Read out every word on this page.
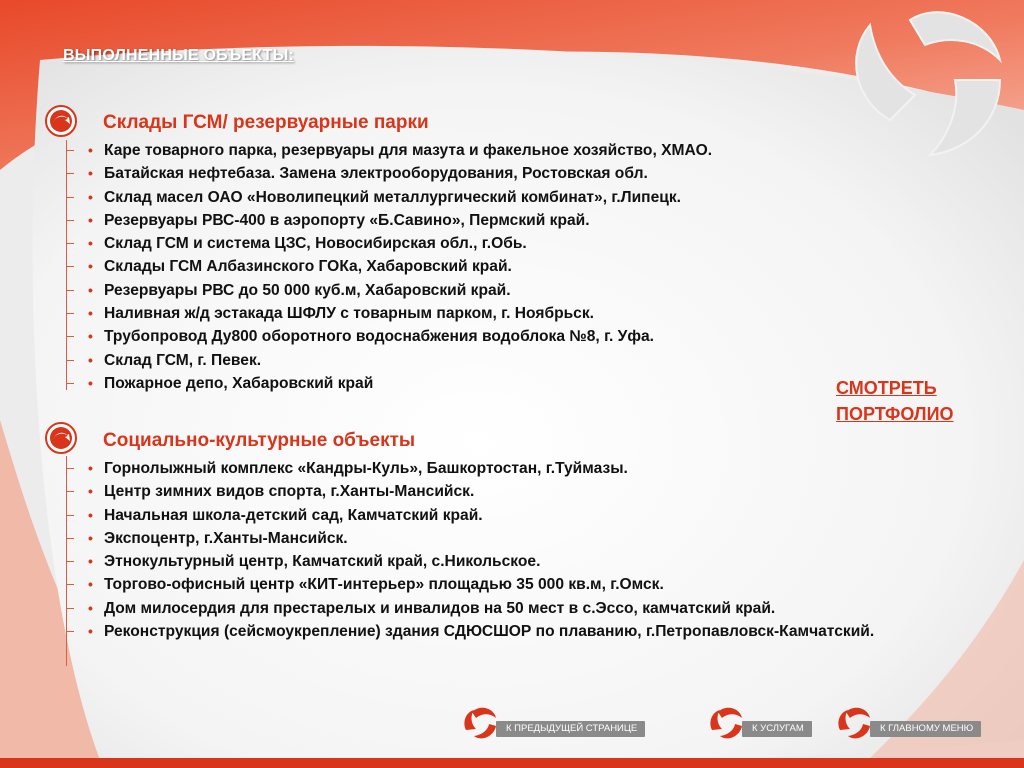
ВЫПОЛНЕННЫЕ ОБЪЕКТЫ:
Склады ГСМ/ резервуарные парки
• Каре товарного парка, резервуары для мазута и факельное хозяйство, ХМАО.
• Батайская нефтебаза. Замена электрооборудования, Ростовская обл.
• Склад масел ОАО «Новолипецкий металлургический комбинат», г.Липецк.
• Резервуары РВС-400 в аэропорту «Б.Савино», Пермский край.
• Склад ГСМ и система ЦЗС, Новосибирская обл., г.Обь.
• Склады ГСМ Албазинского ГОКа, Хабаровский край.
• Резервуары РВС до 50 000 куб.м, Хабаровский край.
• Наливная ж/д эстакада ШФЛУ с товарным парком, г. Ноябрьск.
• Трубопровод Ду800 оборотного водоснабжения водоблока №8, г. Уфа.
• Склад ГСМ, г. Певек.
• Пожарное депо, Хабаровский край
Социально-культурные объекты
• Горнолыжный комплекс «Кандры-Куль», Башкортостан, г.Туймазы.
• Центр зимних видов спорта, г.Ханты-Мансийск.
• Начальная школа-детский сад, Камчатский край.
• Экспоцентр, г.Ханты-Мансийск.
• Этнокультурный центр, Камчатский край, с.Никольское.
• Торгово-офисный центр «КИТ-интерьер» площадью 35 000 кв.м, г.Омск.
• Дом милосердия для престарелых и инвалидов на 50 мест в с.Эссо, камчатский край.
• Реконструкция (сейсмоукрепление) здания СДЮСШОР по плаванию, г.Петропавловск-Камчатский.
СМОТРЕТЬ
ПОРТФОЛИО
К ПРЕДЫДУЩЕЙ СТРАНИЦЕ	К УСЛУГАМ	К ГЛАВНОМУ МЕНЮ
